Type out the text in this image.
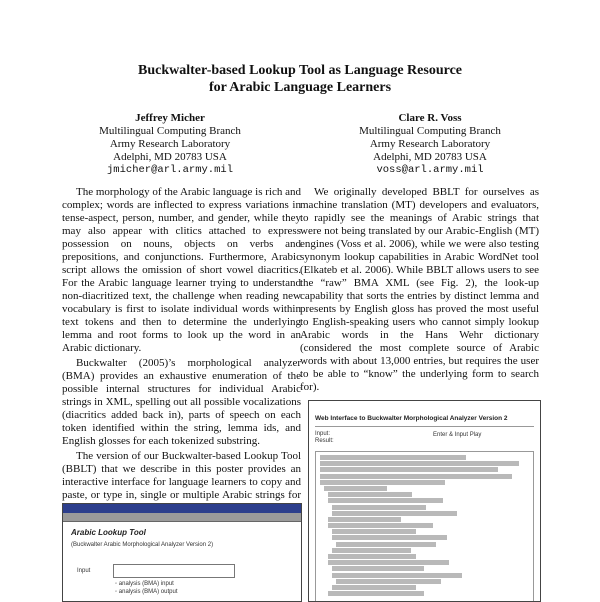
Buckwalter-based Lookup Tool as Language Resource
for Arabic Language Learners
Jeffrey Micher
Multilingual Computing Branch
Army Research Laboratory
Adelphi, MD 20783 USA
jmicher@arl.army.mil
Clare R. Voss
Multilingual Computing Branch
Army Research Laboratory
Adelphi, MD 20783 USA
voss@arl.army.mil

The morphology of the Arabic language is rich and complex; words are inflected to express variations in tense-aspect, person, number, and gender, while they may also appear with clitics attached to express possession on nouns, objects on verbs and prepositions, and conjunctions. Furthermore, Arabic script allows the omission of short vowel diacritics. For the Arabic language learner trying to understand non-diacritized text, the challenge when reading new vocabulary is first to isolate individual words within text tokens and then to determine the underlying lemma and root forms to look up the word in an Arabic dictionary.

Buckwalter (2005)’s morphological analyzer (BMA) provides an exhaustive enumeration of the possible internal structures for individual Arabic strings in XML, spelling out all possible vocalizations (diacritics added back in), parts of speech on each token identified within the string, lemma ids, and English glosses for each tokenized substring.

The version of our Buckwalter-based Lookup Tool (BBLT) that we describe in this poster provides an interactive interface for language learners to copy and paste, or type in, single or multiple Arabic strings for

We originally developed BBLT for ourselves as machine translation (MT) developers and evaluators, to rapidly see the meanings of Arabic strings that were not being translated by our Arabic-English (MT) engines (Voss et al. 2006), while we were also testing synonym lookup capabilities in Arabic WordNet tool (Elkateb et al. 2006). While BBLT allows users to see the “raw” BMA XML (see Fig. 2), the look-up capability that sorts the entries by distinct lemma and presents by English gloss has proved the most useful to English-speaking users who cannot simply lookup Arabic words in the Hans Wehr dictionary (considered the most complete source of Arabic words with about 13,000 entries, but requires the user to be able to “know” the underlying form to search for).

Arabic Lookup Tool
(Buckwalter Arabic Morphological Analyzer Version 2)
Input
◦ analysis (BMA) input
◦ analysis (BMA) output
Web Interface to Buckwalter Morphological Analyzer Version 2
Input:	Enter & Input Play
Result:
